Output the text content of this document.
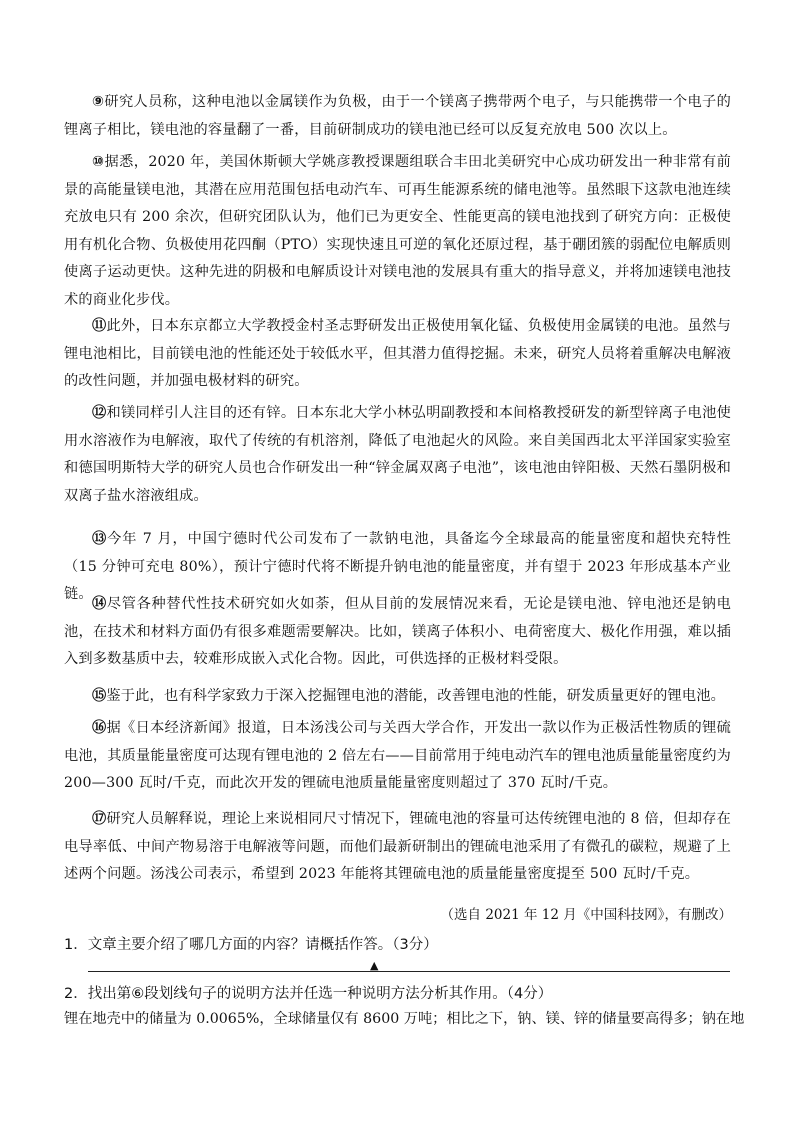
⑨研究人员称，这种电池以金属镁作为负极，由于一个镁离子携带两个电子，与只能携带一个电子的锂离子相比，镁电池的容量翻了一番，目前研制成功的镁电池已经可以反复充放电 500 次以上。
⑩据悉，2020 年，美国休斯顿大学姚彦教授课题组联合丰田北美研究中心成功研发出一种非常有前景的高能量镁电池，其潜在应用范围包括电动汽车、可再生能源系统的储电池等。虽然眼下这款电池连续充放电只有 200 余次，但研究团队认为，他们已为更安全、性能更高的镁电池找到了研究方向：正极使用有机化合物、负极使用花四酮（PTO）实现快速且可逆的氧化还原过程，基于硼团簇的弱配位电解质则使离子运动更快。这种先进的阴极和电解质设计对镁电池的发展具有重大的指导意义，并将加速镁电池技术的商业化步伐。
⑪此外，日本东京都立大学教授金村圣志野研发出正极使用氧化锰、负极使用金属镁的电池。虽然与锂电池相比，目前镁电池的性能还处于较低水平，但其潜力值得挖掘。未来，研究人员将着重解决电解液的改性问题，并加强电极材料的研究。
⑫和镁同样引人注目的还有锌。日本东北大学小林弘明副教授和本间格教授研发的新型锌离子电池使用水溶液作为电解液，取代了传统的有机溶剂，降低了电池起火的风险。来自美国西北太平洋国家实验室和德国明斯特大学的研究人员也合作研发出一种“锌金属双离子电池”，该电池由锌阳极、天然石墨阴极和双离子盐水溶液组成。
⑬今年 7 月，中国宁德时代公司发布了一款钠电池，具备迄今全球最高的能量密度和超快充特性（15 分钟可充电 80%），预计宁德时代将不断提升钠电池的能量密度，并有望于 2023 年形成基本产业链。
⑭尽管各种替代性技术研究如火如荼，但从目前的发展情况来看，无论是镁电池、锌电池还是钠电池，在技术和材料方面仍有很多难题需要解决。比如，镁离子体积小、电荷密度大、极化作用强，难以插入到多数基质中去，较难形成嵌入式化合物。因此，可供选择的正极材料受限。
⑮鉴于此，也有科学家致力于深入挖掘锂电池的潜能，改善锂电池的性能，研发质量更好的锂电池。
⑯据《日本经济新闻》报道，日本汤浅公司与关西大学合作，开发出一款以作为正极活性物质的锂硫电池，其质量能量密度可达现有锂电池的 2 倍左右——目前常用于纯电动汽车的锂电池质量能量密度约为 200—300 瓦时/千克，而此次开发的锂硫电池质量能量密度则超过了 370 瓦时/千克。
⑰研究人员解释说，理论上来说相同尺寸情况下，锂硫电池的容量可达传统锂电池的 8 倍，但却存在电导率低、中间产物易溶于电解液等问题，而他们最新研制出的锂硫电池采用了有微孔的碳粒，规避了上述两个问题。汤浅公司表示，希望到 2023 年能将其锂硫电池的质量能量密度提至 500 瓦时/千克。
（选自 2021 年 12 月《中国科技网》，有删改）
1．文章主要介绍了哪几方面的内容？请概括作答。（3分）
▲
2．找出第⑥段划线句子的说明方法并任选一种说明方法分析其作用。（4分）
锂在地壳中的储量为 0.0065%，全球储量仅有 8600 万吨；相比之下，钠、镁、锌的储量要高得多；钠在地
